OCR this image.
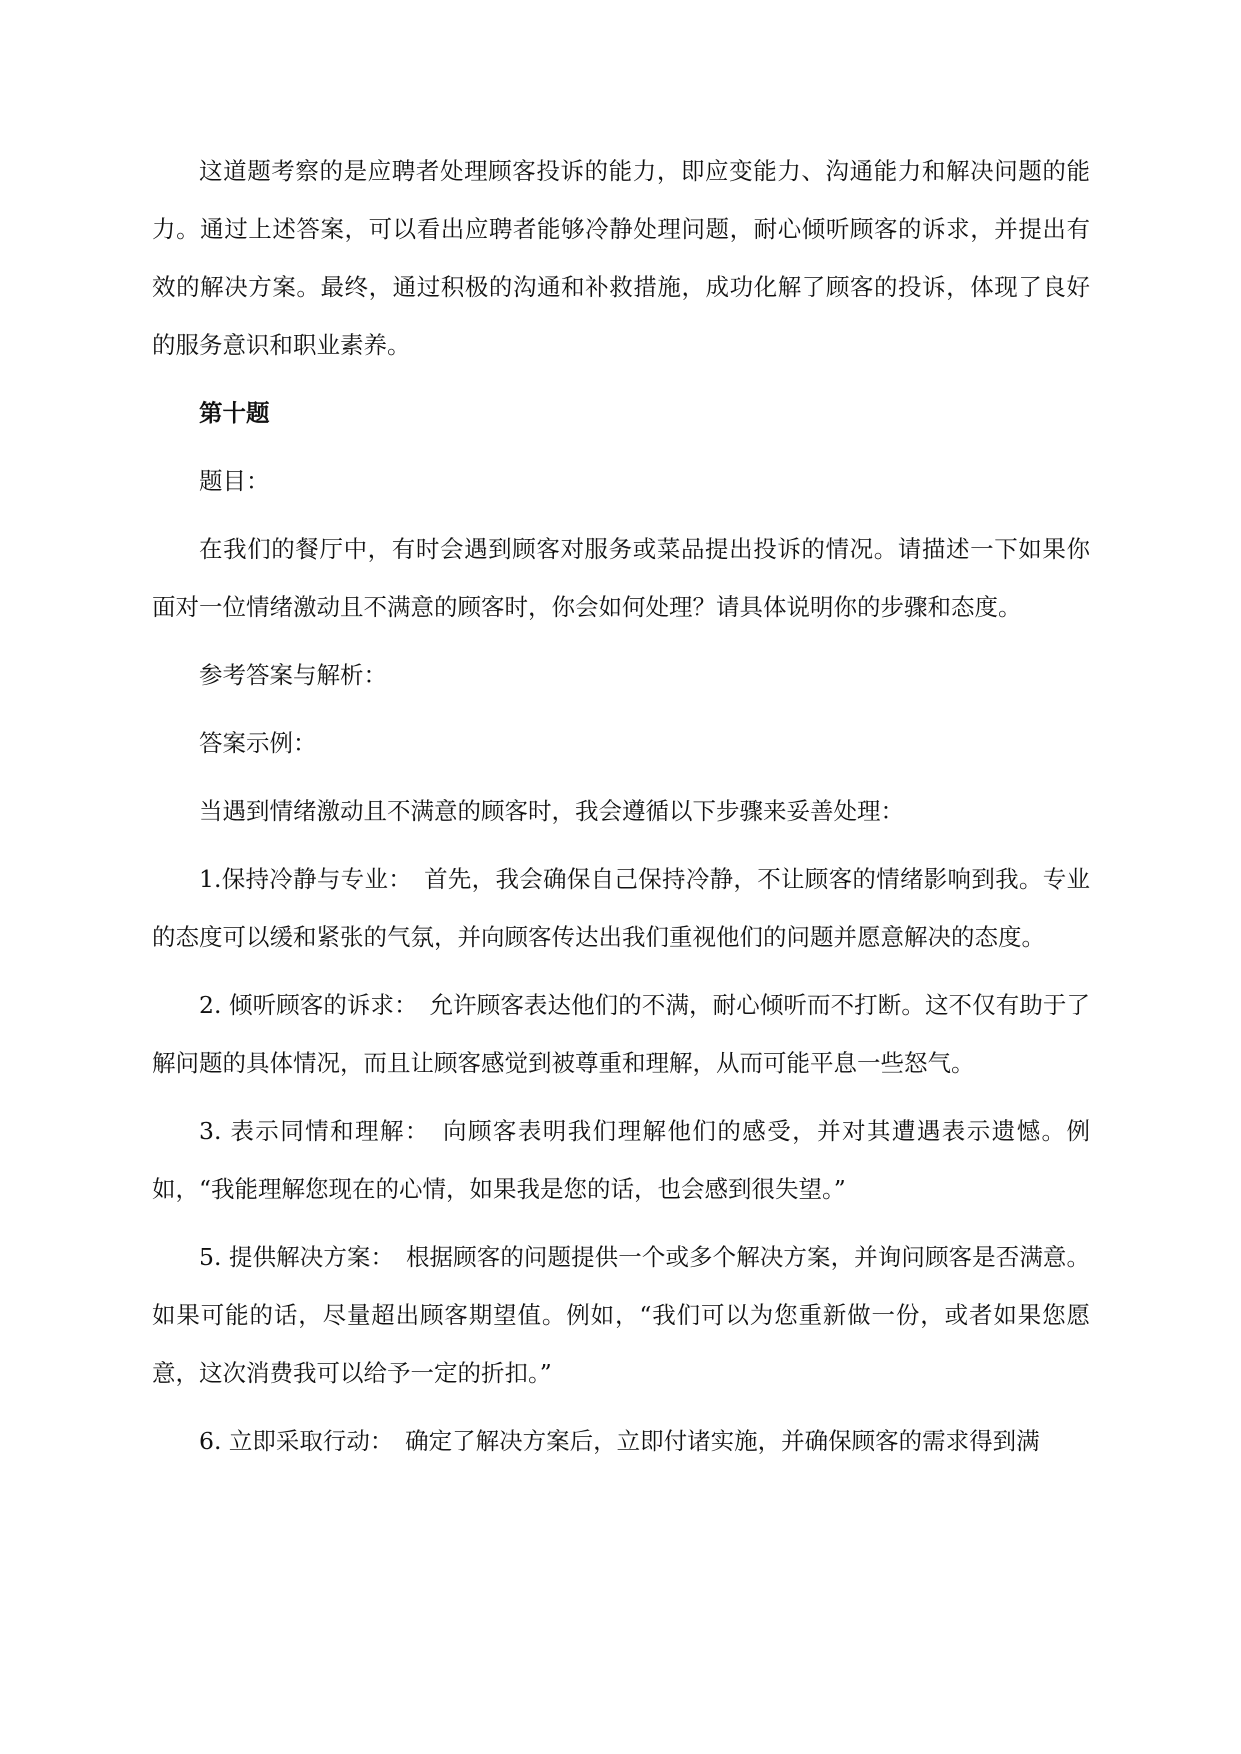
这道题考察的是应聘者处理顾客投诉的能力，即应变能力、沟通能力和解决问题的能力。通过上述答案，可以看出应聘者能够冷静处理问题，耐心倾听顾客的诉求，并提出有效的解决方案。最终，通过积极的沟通和补救措施，成功化解了顾客的投诉，体现了良好的服务意识和职业素养。

第十题

题目：

在我们的餐厅中，有时会遇到顾客对服务或菜品提出投诉的情况。请描述一下如果你面对一位情绪激动且不满意的顾客时，你会如何处理？请具体说明你的步骤和态度。

参考答案与解析：

答案示例：

当遇到情绪激动且不满意的顾客时，我会遵循以下步骤来妥善处理：

1.保持冷静与专业：　首先，我会确保自己保持冷静，不让顾客的情绪影响到我。专业的态度可以缓和紧张的气氛，并向顾客传达出我们重视他们的问题并愿意解决的态度。

2. 倾听顾客的诉求：　允许顾客表达他们的不满，耐心倾听而不打断。这不仅有助于了解问题的具体情况，而且让顾客感觉到被尊重和理解，从而可能平息一些怒气。

3. 表示同情和理解：　向顾客表明我们理解他们的感受，并对其遭遇表示遗憾。例如，“我能理解您现在的心情，如果我是您的话，也会感到很失望。”

5. 提供解决方案：　根据顾客的问题提供一个或多个解决方案，并询问顾客是否满意。如果可能的话，尽量超出顾客期望值。例如，“我们可以为您重新做一份，或者如果您愿意，这次消费我可以给予一定的折扣。”

6. 立即采取行动：　确定了解决方案后，立即付诸实施，并确保顾客的需求得到满
